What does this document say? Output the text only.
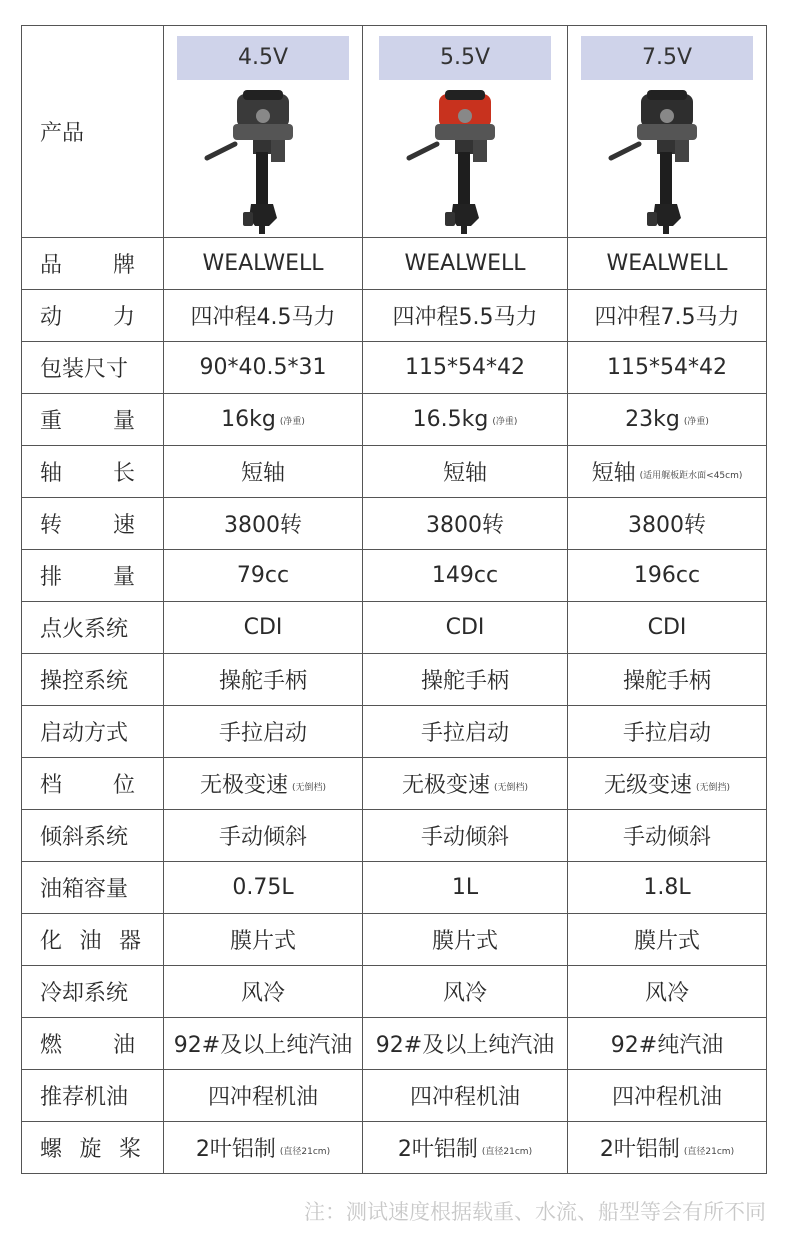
产品	4.5V	5.5V	7.5V

品 牌	WEALWELL	WEALWELL	WEALWELL

动 力	四冲程4.5马力	四冲程5.5马力	四冲程7.5马力

包装尺寸	90*40.5*31	115*54*42	115*54*42

重 量	16kg (净重)	16.5kg (净重)	23kg (净重)

轴 长	短轴	短轴	短轴 (适用艉板距水面<45cm)

转 速	3800转	3800转	3800转

排 量	79cc	149cc	196cc

点火系统	CDI	CDI	CDI

操控系统	操舵手柄	操舵手柄	操舵手柄

启动方式	手拉启动	手拉启动	手拉启动

档 位	无极变速 (无倒档)	无极变速 (无倒档)	无级变速 (无倒挡)

倾斜系统	手动倾斜	手动倾斜	手动倾斜

油箱容量	0.75L	1L	1.8L

化 油 器	膜片式	膜片式	膜片式

冷却系统	风冷	风冷	风冷

燃 油	92#及以上纯汽油	92#及以上纯汽油	92#纯汽油

推荐机油	四冲程机油	四冲程机油	四冲程机油

螺 旋 桨	2叶铝制 (直径21cm)	2叶铝制 (直径21cm)	2叶铝制 (直径21cm)
注：测试速度根据载重、水流、船型等会有所不同
